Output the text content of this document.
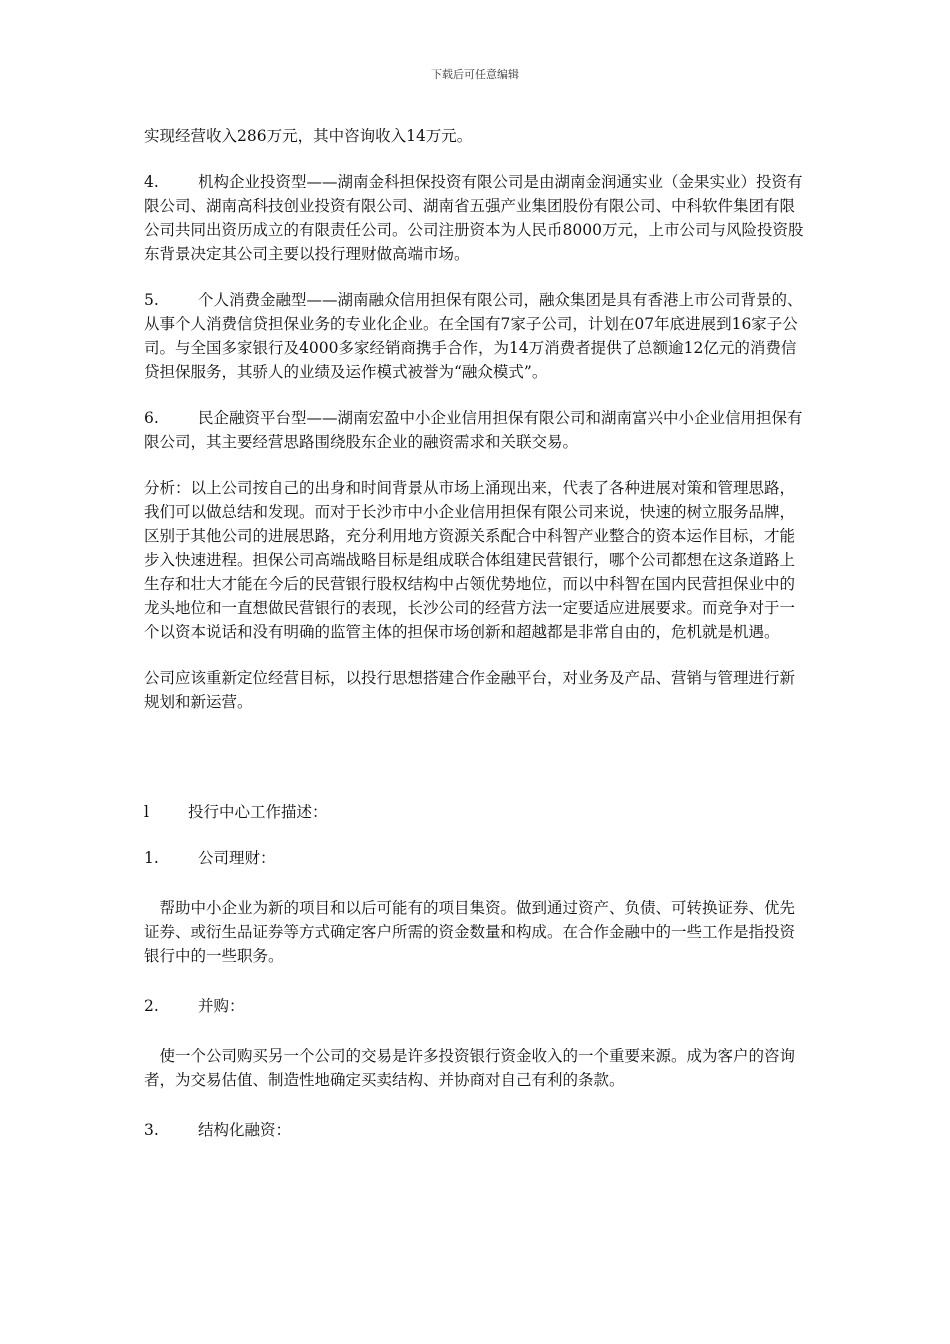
下载后可任意编辑

实现经营收入286万元，其中咨询收入14万元。

4.	机构企业投资型——湖南金科担保投资有限公司是由湖南金润通实业（金果实业）投资有限公司、湖南高科技创业投资有限公司、湖南省五强产业集团股份有限公司、中科软件集团有限公司共同出资历成立的有限责任公司。公司注册资本为人民币8000万元，上市公司与风险投资股东背景决定其公司主要以投行理财做高端市场。

5.	个人消费金融型——湖南融众信用担保有限公司，融众集团是具有香港上市公司背景的、从事个人消费信贷担保业务的专业化企业。在全国有7家子公司，计划在07年底进展到16家子公司。与全国多家银行及4000多家经销商携手合作，为14万消费者提供了总额逾12亿元的消费信贷担保服务，其骄人的业绩及运作模式被誉为“融众模式”。

6.	民企融资平台型——湖南宏盈中小企业信用担保有限公司和湖南富兴中小企业信用担保有限公司，其主要经营思路围绕股东企业的融资需求和关联交易。

分析：以上公司按自己的出身和时间背景从市场上涌现出来，代表了各种进展对策和管理思路，我们可以做总结和发现。而对于长沙市中小企业信用担保有限公司来说，快速的树立服务品牌，区别于其他公司的进展思路，充分利用地方资源关系配合中科智产业整合的资本运作目标，才能步入快速进程。担保公司高端战略目标是组成联合体组建民营银行，哪个公司都想在这条道路上生存和壮大才能在今后的民营银行股权结构中占领优势地位，而以中科智在国内民营担保业中的龙头地位和一直想做民营银行的表现，长沙公司的经营方法一定要适应进展要求。而竞争对于一个以资本说话和没有明确的监管主体的担保市场创新和超越都是非常自由的，危机就是机遇。

公司应该重新定位经营目标，以投行思想搭建合作金融平台，对业务及产品、营销与管理进行新规划和新运营。

l	投行中心工作描述：

1.	公司理财：

帮助中小企业为新的项目和以后可能有的项目集资。做到通过资产、负债、可转换证券、优先证券、或衍生品证券等方式确定客户所需的资金数量和构成。在合作金融中的一些工作是指投资银行中的一些职务。

2.	并购：

使一个公司购买另一个公司的交易是许多投资银行资金收入的一个重要来源。成为客户的咨询者，为交易估值、制造性地确定买卖结构、并协商对自己有利的条款。

3.	结构化融资：
